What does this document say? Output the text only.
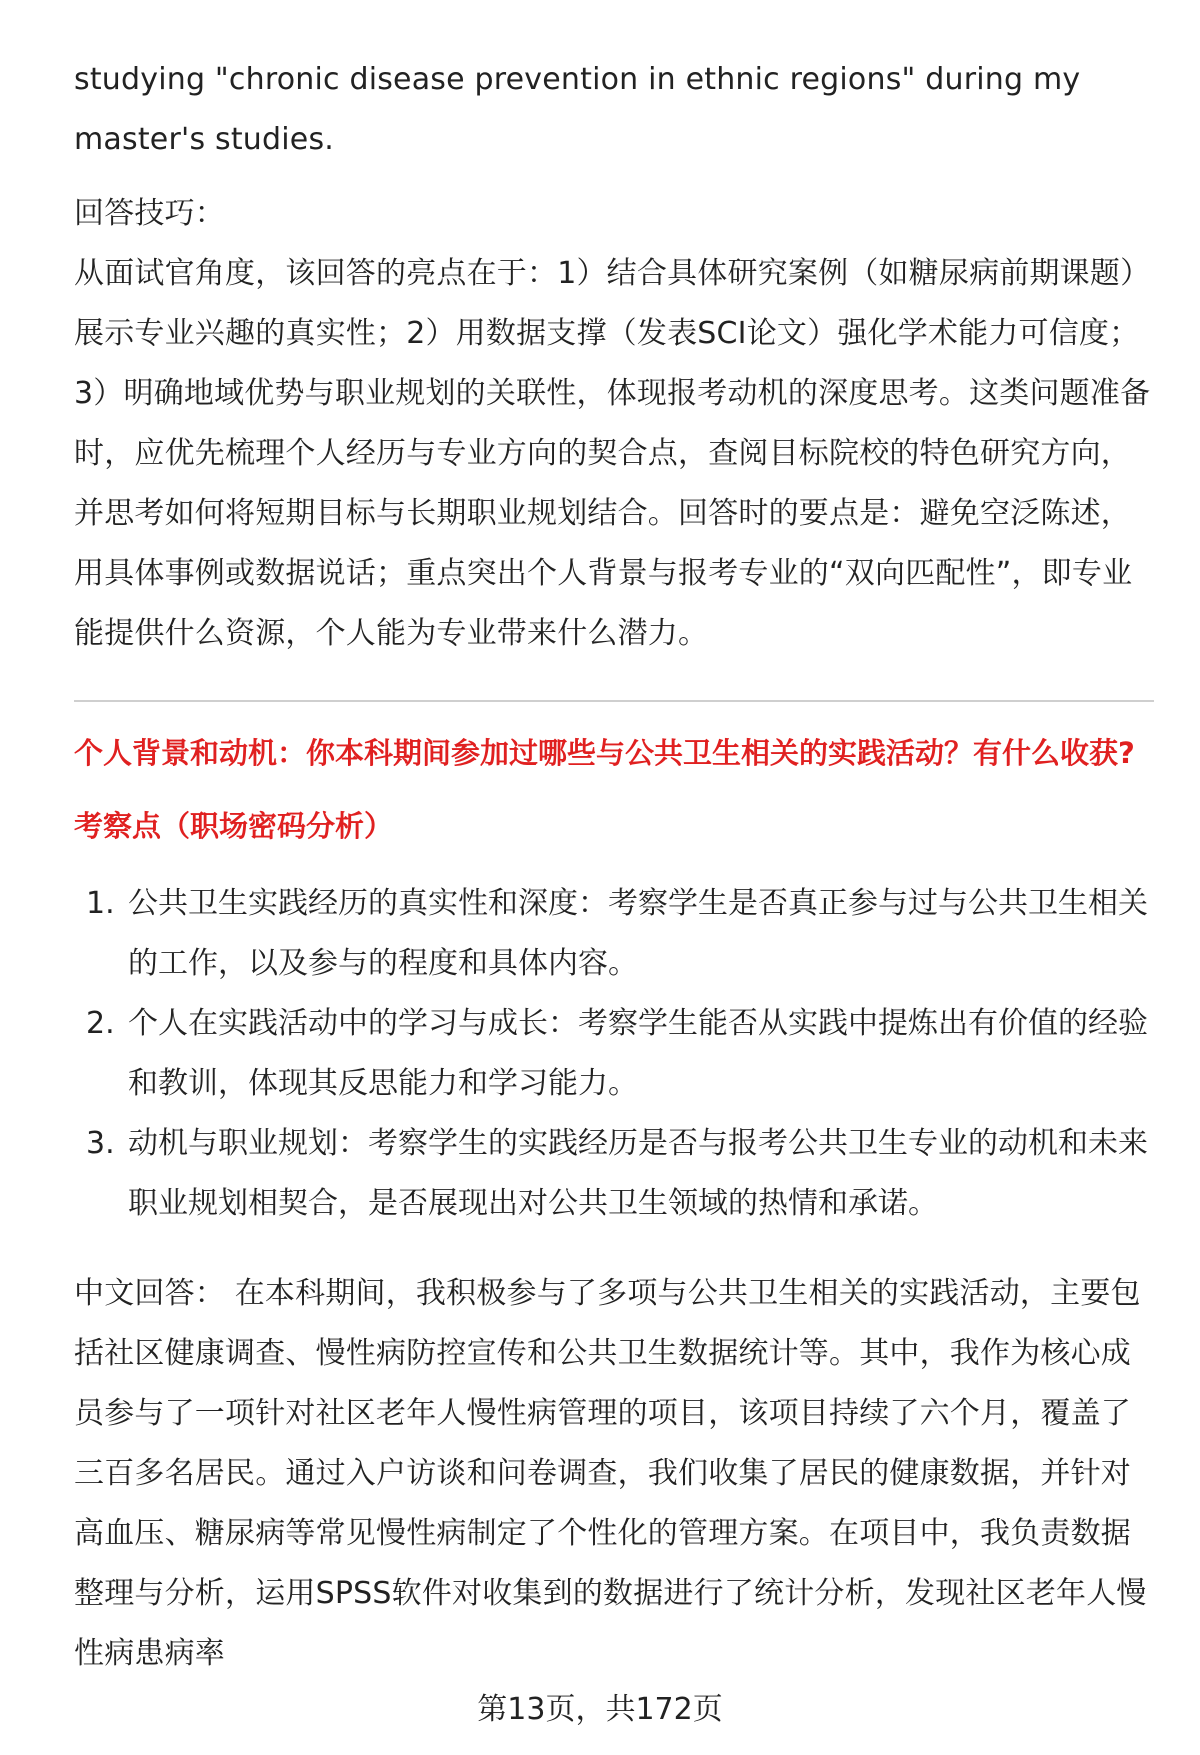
studying "chronic disease prevention in ethnic regions" during my master's studies.

回答技巧：

从面试官角度，该回答的亮点在于：1）结合具体研究案例（如糖尿病前期课题）展示专业兴趣的真实性；2）用数据支撑（发表SCI论文）强化学术能力可信度；3）明确地域优势与职业规划的关联性，体现报考动机的深度思考。这类问题准备时，应优先梳理个人经历与专业方向的契合点，查阅目标院校的特色研究方向，并思考如何将短期目标与长期职业规划结合。回答时的要点是：避免空泛陈述，用具体事例或数据说话；重点突出个人背景与报考专业的“双向匹配性”，即专业能提供什么资源，个人能为专业带来什么潜力。

个人背景和动机：你本科期间参加过哪些与公共卫生相关的实践活动？有什么收获?

考察点（职场密码分析）

1. 公共卫生实践经历的真实性和深度：考察学生是否真正参与过与公共卫生相关的工作，以及参与的程度和具体内容。
2. 个人在实践活动中的学习与成长：考察学生能否从实践中提炼出有价值的经验和教训，体现其反思能力和学习能力。
3. 动机与职业规划：考察学生的实践经历是否与报考公共卫生专业的动机和未来职业规划相契合，是否展现出对公共卫生领域的热情和承诺。

中文回答： 在本科期间，我积极参与了多项与公共卫生相关的实践活动，主要包括社区健康调查、慢性病防控宣传和公共卫生数据统计等。其中，我作为核心成员参与了一项针对社区老年人慢性病管理的项目，该项目持续了六个月，覆盖了三百多名居民。通过入户访谈和问卷调查，我们收集了居民的健康数据，并针对高血压、糖尿病等常见慢性病制定了个性化的管理方案。在项目中，我负责数据整理与分析，运用SPSS软件对收集到的数据进行了统计分析，发现社区老年人慢性病患病率

第13页，共172页
